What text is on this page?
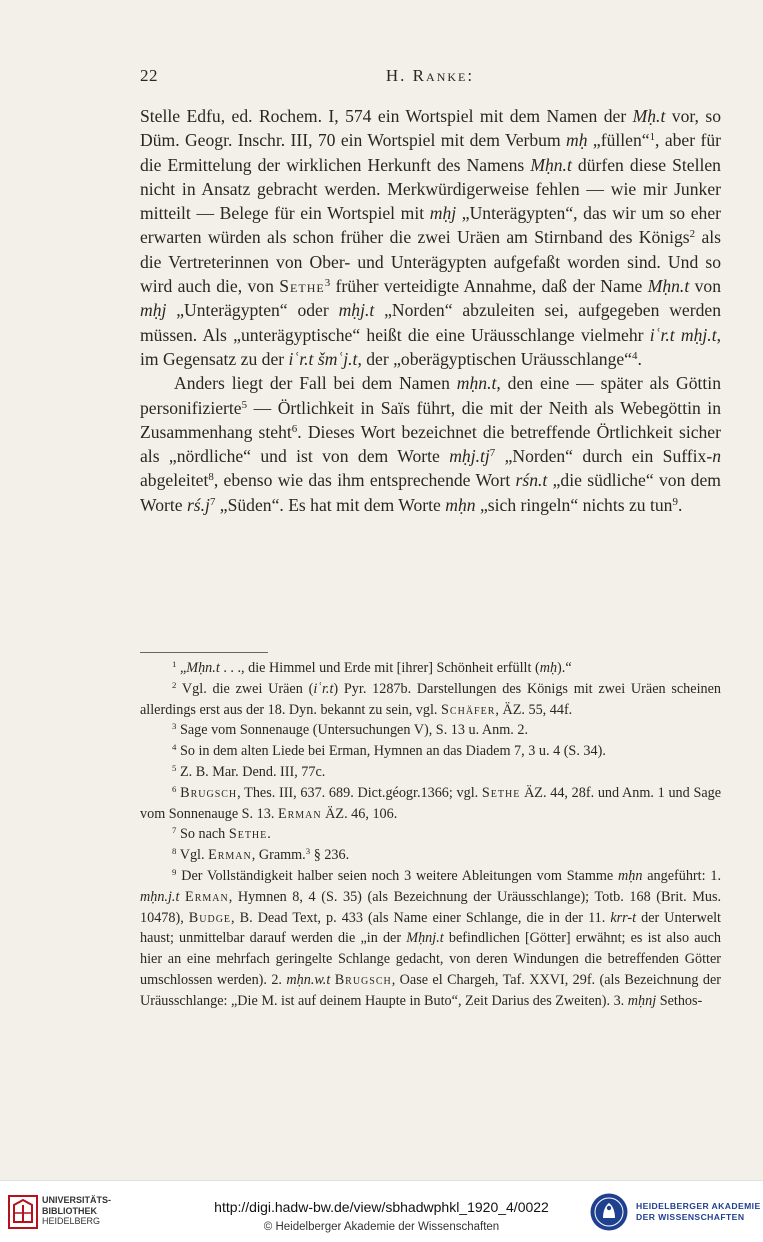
22	H. Ranke:

Stelle Edfu, ed. Rochem. I, 574 ein Wortspiel mit dem Namen der Mḥ.t vor, so Düm. Geogr. Inschr. III, 70 ein Wortspiel mit dem Verbum mḥ „füllen“$^1$, aber für die Ermittelung der wirklichen Herkunft des Namens Mḥn.t dürfen diese Stellen nicht in Ansatz gebracht werden. Merkwürdigerweise fehlen — wie mir Junker mitteilt — Belege für ein Wortspiel mit mḥj „Unterägypten“, das wir um so eher erwarten würden als schon früher die zwei Uräen am Stirnband des Königs$^2$ als die Vertreterinnen von Ober- und Unterägypten aufgefaßt worden sind. Und so wird auch die, von Sethe$^3$ früher verteidigte Annahme, daß der Name Mḥn.t von mḥj „Unterägypten“ oder mḥj.t „Norden“ abzuleiten sei, aufgegeben werden müssen. Als „unterägyptische“ heißt die eine Uräusschlange vielmehr iʿr.t mḥj.t, im Gegensatz zu der iʿr.t šmʿj.t, der „oberägyptischen Uräusschlange“$^4$.

Anders liegt der Fall bei dem Namen mḥn.t, den eine — später als Göttin personifizierte$^5$ — Örtlichkeit in Saïs führt, die mit der Neith als Webegöttin in Zusammenhang steht$^6$. Dieses Wort bezeichnet die betreffende Örtlichkeit sicher als „nördliche“ und ist von dem Worte $mḥj.tj^7$ „Norden“ durch ein Suffix-n abgeleitet$^8$, ebenso wie das ihm entsprechende Wort rśn.t „die südliche“ von dem Worte $rś.j^7$ „Süden“. Es hat mit dem Worte mḥn „sich ringeln“ nichts zu tun$^9$.

$^1$ „Mḥn.t . . ., die Himmel und Erde mit [ihrer] Schönheit erfüllt (mḥ).“

$^2$ Vgl. die zwei Uräen (iʿr.t) Pyr. 1287b. Darstellungen des Königs mit zwei Uräen scheinen allerdings erst aus der 18. Dyn. bekannt zu sein, vgl. Schäfer, ÄZ. 55, 44f.

$^3$ Sage vom Sonnenauge (Untersuchungen V), S. 13 u. Anm. 2.

$^4$ So in dem alten Liede bei Erman, Hymnen an das Diadem 7, 3 u. 4 (S. 34).

$^5$ Z. B. Mar. Dend. III, 77c.

$^6$ Brugsch, Thes. III, 637. 689. Dict.géogr.1366; vgl. Sethe ÄZ. 44, 28f. und Anm. 1 und Sage vom Sonnenauge S. 13. Erman ÄZ. 46, 106.

$^7$ So nach Sethe.

$^8$ Vgl. Erman, Gramm.$^3$ § 236.

$^9$ Der Vollständigkeit halber seien noch 3 weitere Ableitungen vom Stamme mḥn angeführt: 1. mḥn.j.t Erman, Hymnen 8, 4 (S. 35) (als Bezeichnung der Uräusschlange); Totb. 168 (Brit. Mus. 10478), Budge, B. Dead Text, p. 433 (als Name einer Schlange, die in der 11. krr-t der Unterwelt haust; unmittelbar darauf werden die „in der Mḥnj.t befindlichen [Götter] erwähnt; es ist also auch hier an eine mehrfach geringelte Schlange gedacht, von deren Windungen die betreffenden Götter umschlossen werden). 2. mḥn.w.t Brugsch, Oase el Chargeh, Taf. XXVI, 29f. (als Bezeichnung der Uräusschlange: „Die M. ist auf deinem Haupte in Buto“, Zeit Darius des Zweiten). 3. mḥnj Sethos-

UNIVERSITÄTS-
BIBLIOTHEK
HEIDELBERG
http://digi.hadw-bw.de/view/sbhadwphkl_1920_4/0022
© Heidelberger Akademie der Wissenschaften
HEIDELBERGER AKADEMIE
DER WISSENSCHAFTEN
